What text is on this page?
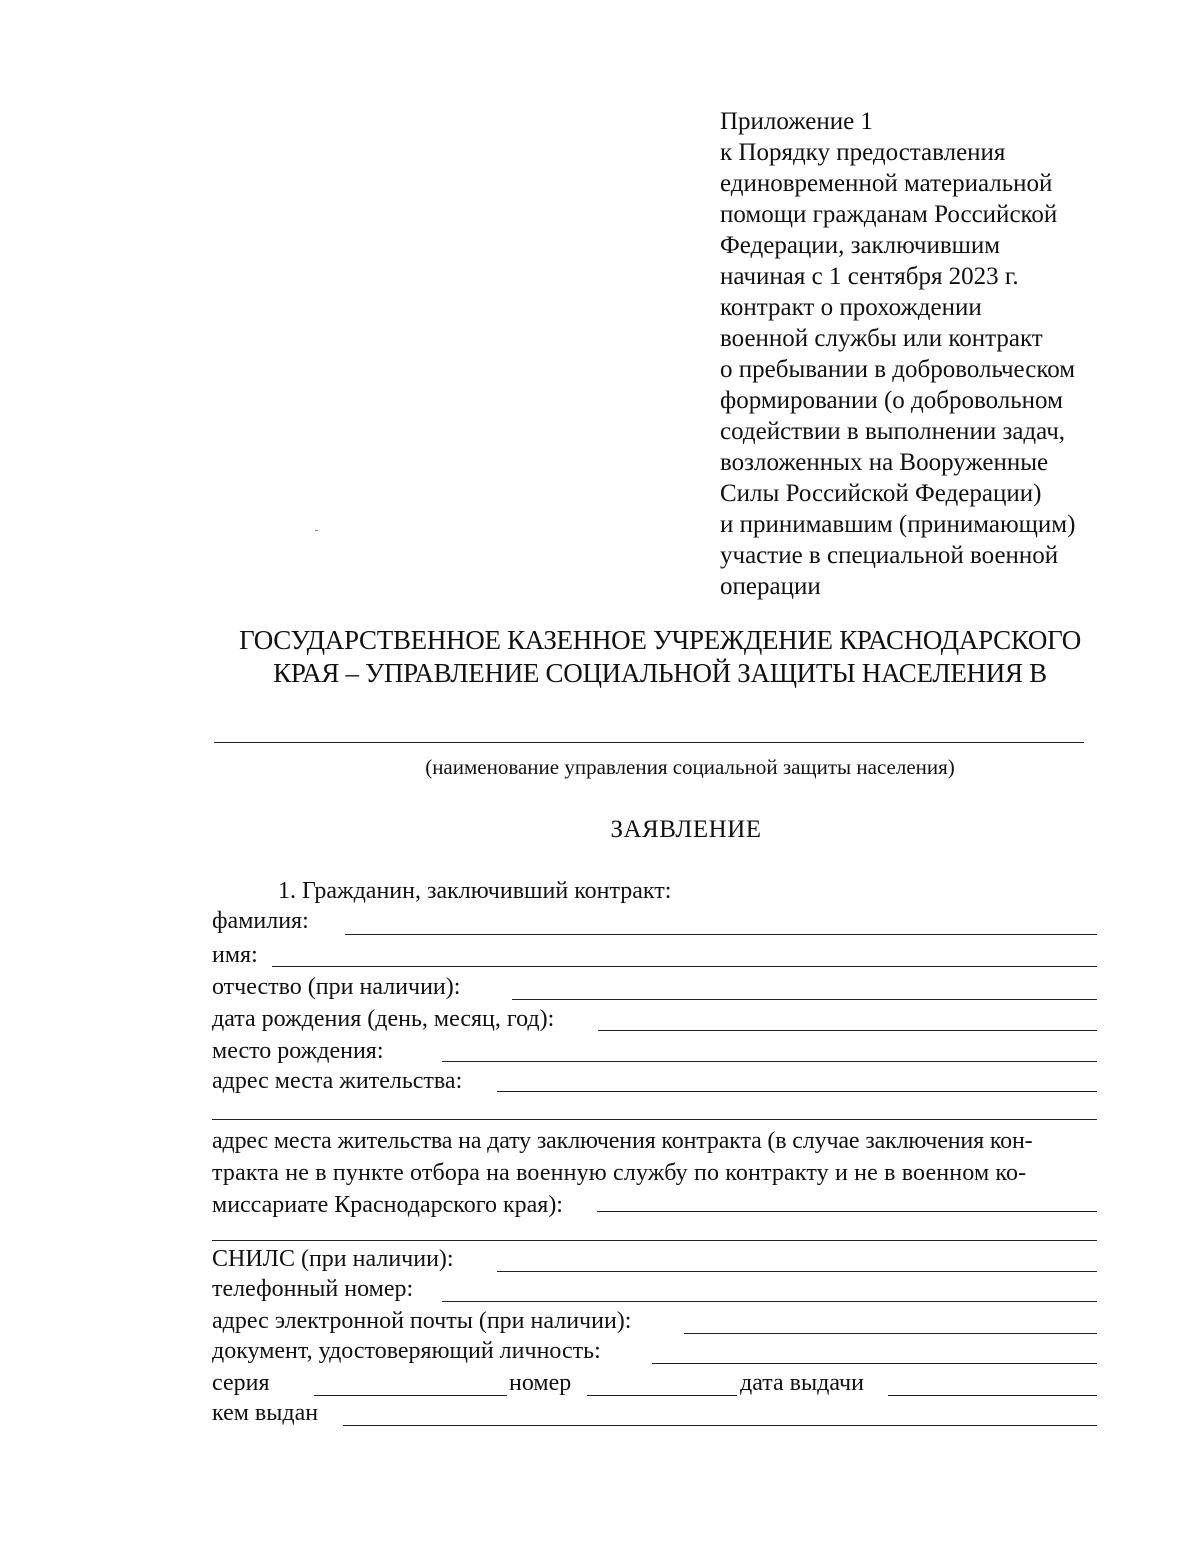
Приложение 1
к Порядку предоставления
единовременной материальной
помощи гражданам Российской
Федерации, заключившим
начиная с 1 сентября 2023 г.
контракт о прохождении
военной службы или контракт
о пребывании в добровольческом
формировании (о добровольном
содействии в выполнении задач,
возложенных на Вооруженные
Силы Российской Федерации)
и принимавшим (принимающим)
участие в специальной военной
операции
ГОСУДАРСТВЕННОЕ КАЗЕННОЕ УЧРЕЖДЕНИЕ КРАСНОДАРСКОГО
КРАЯ – УПРАВЛЕНИЕ СОЦИАЛЬНОЙ ЗАЩИТЫ НАСЕЛЕНИЯ В
(наименование управления социальной защиты населения)
ЗАЯВЛЕНИЕ
1. Гражданин, заключивший контракт:
фамилия:
имя:
отчество (при наличии):
дата рождения (день, месяц, год):
место рождения:
адрес места жительства:
адрес места жительства на дату заключения контракта (в случае заключения кон-
тракта не в пункте отбора на военную службу по контракту и не в военном ко-
миссариате Краснодарского края):
СНИЛС (при наличии):
телефонный номер:
адрес электронной почты (при наличии):
документ, удостоверяющий личность:
серия	номер	дата выдачи
кем выдан
